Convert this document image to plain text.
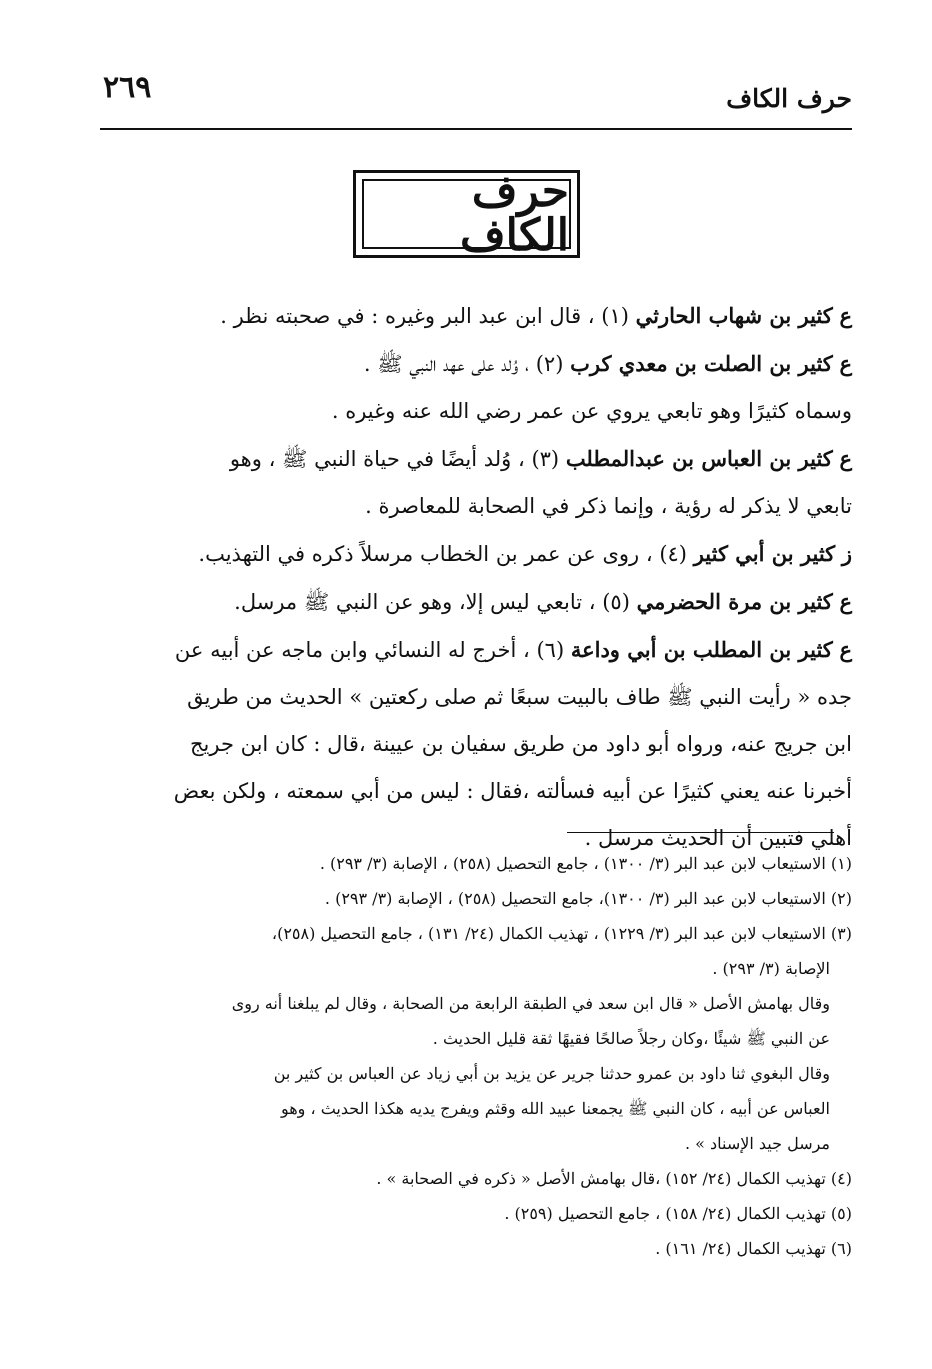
حرف الكاف
٢٦٩
حرف الكاف

ع كثير بن شهاب الحارثي (١) ، قال ابن عبد البر وغيره : في صحبته نظر .

ع كثير بن الصلت بن معدي كرب (٢) ، وُلد على عهد النبي ﷺ .

وسماه كثيرًا وهو تابعي يروي عن عمر رضي الله عنه وغيره .

ع كثير بن العباس بن عبدالمطلب (٣) ، وُلد أيضًا في حياة النبي ﷺ ، وهو

تابعي لا يذكر له رؤية ، وإنما ذكر في الصحابة للمعاصرة .

ز كثير بن أبي كثير (٤) ، روى عن عمر بن الخطاب مرسلاً ذكره في التهذيب.

ع كثير بن مرة الحضرمي (٥) ، تابعي ليس إلا، وهو عن النبي ﷺ مرسل.

ع كثير بن المطلب بن أبي وداعة (٦) ، أخرج له النسائي وابن ماجه عن أبيه عن

جده « رأيت النبي ﷺ طاف بالبيت سبعًا ثم صلى ركعتين » الحديث من طريق

ابن جريج عنه، ورواه أبو داود من طريق سفيان بن عيينة ،قال : كان ابن جريج

أخبرنا عنه يعني كثيرًا عن أبيه فسألته ،فقال : ليس من أبي سمعته ، ولكن بعض

أهلي فتبين أن الحديث مرسل .

(١) الاستيعاب لابن عبد البر (٣/ ١٣٠٠) ، جامع التحصيل (٢٥٨) ، الإصابة (٣/ ٢٩٣) .

(٢) الاستيعاب لابن عبد البر (٣/ ١٣٠٠)، جامع التحصيل (٢٥٨) ، الإصابة (٣/ ٢٩٣) .

(٣) الاستيعاب لابن عبد البر (٣/ ١٢٢٩) ، تهذيب الكمال (٢٤/ ١٣١) ، جامع التحصيل (٢٥٨)،

الإصابة (٣/ ٢٩٣) .

وقال بهامش الأصل « قال ابن سعد في الطبقة الرابعة من الصحابة ، وقال لم يبلغنا أنه روى

عن النبي ﷺ شيئًا ،وكان رجلاً صالحًا فقيهًا ثقة قليل الحديث .

وقال البغوي ثنا داود بن عمرو حدثنا جرير عن يزيد بن أبي زياد عن العباس بن كثير بن

العباس عن أبيه ، كان النبي ﷺ يجمعنا عبيد الله وقثم ويفرج يديه هكذا الحديث ، وهو

مرسل جيد الإسناد » .

(٤) تهذيب الكمال (٢٤/ ١٥٢) ،قال بهامش الأصل « ذكره في الصحابة » .

(٥) تهذيب الكمال (٢٤/ ١٥٨) ، جامع التحصيل (٢٥٩) .

(٦) تهذيب الكمال (٢٤/ ١٦١) .
